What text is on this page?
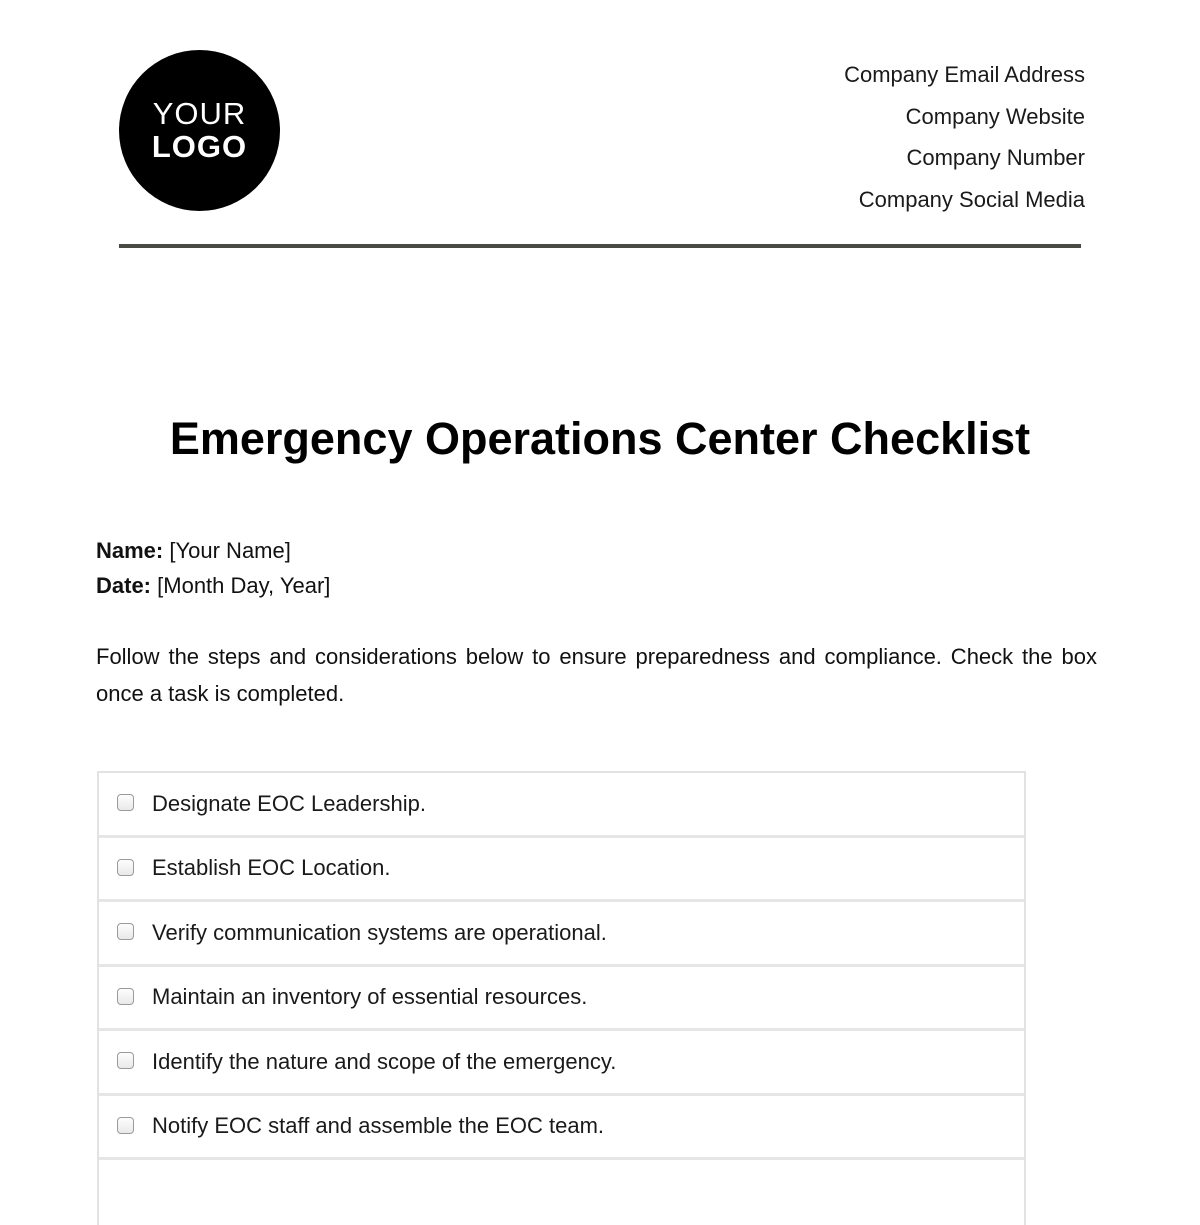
YOUR
LOGO
Company Email Address
Company Website
Company Number
Company Social Media
Emergency Operations Center Checklist
Name: [Your Name]
Date: [Month Day, Year]

Follow the steps and considerations below to ensure preparedness and compliance. Check the box once a task is completed.

Designate EOC Leadership.
Establish EOC Location.
Verify communication systems are operational.
Maintain an inventory of essential resources.
Identify the nature and scope of the emergency.
Notify EOC staff and assemble the EOC team.
